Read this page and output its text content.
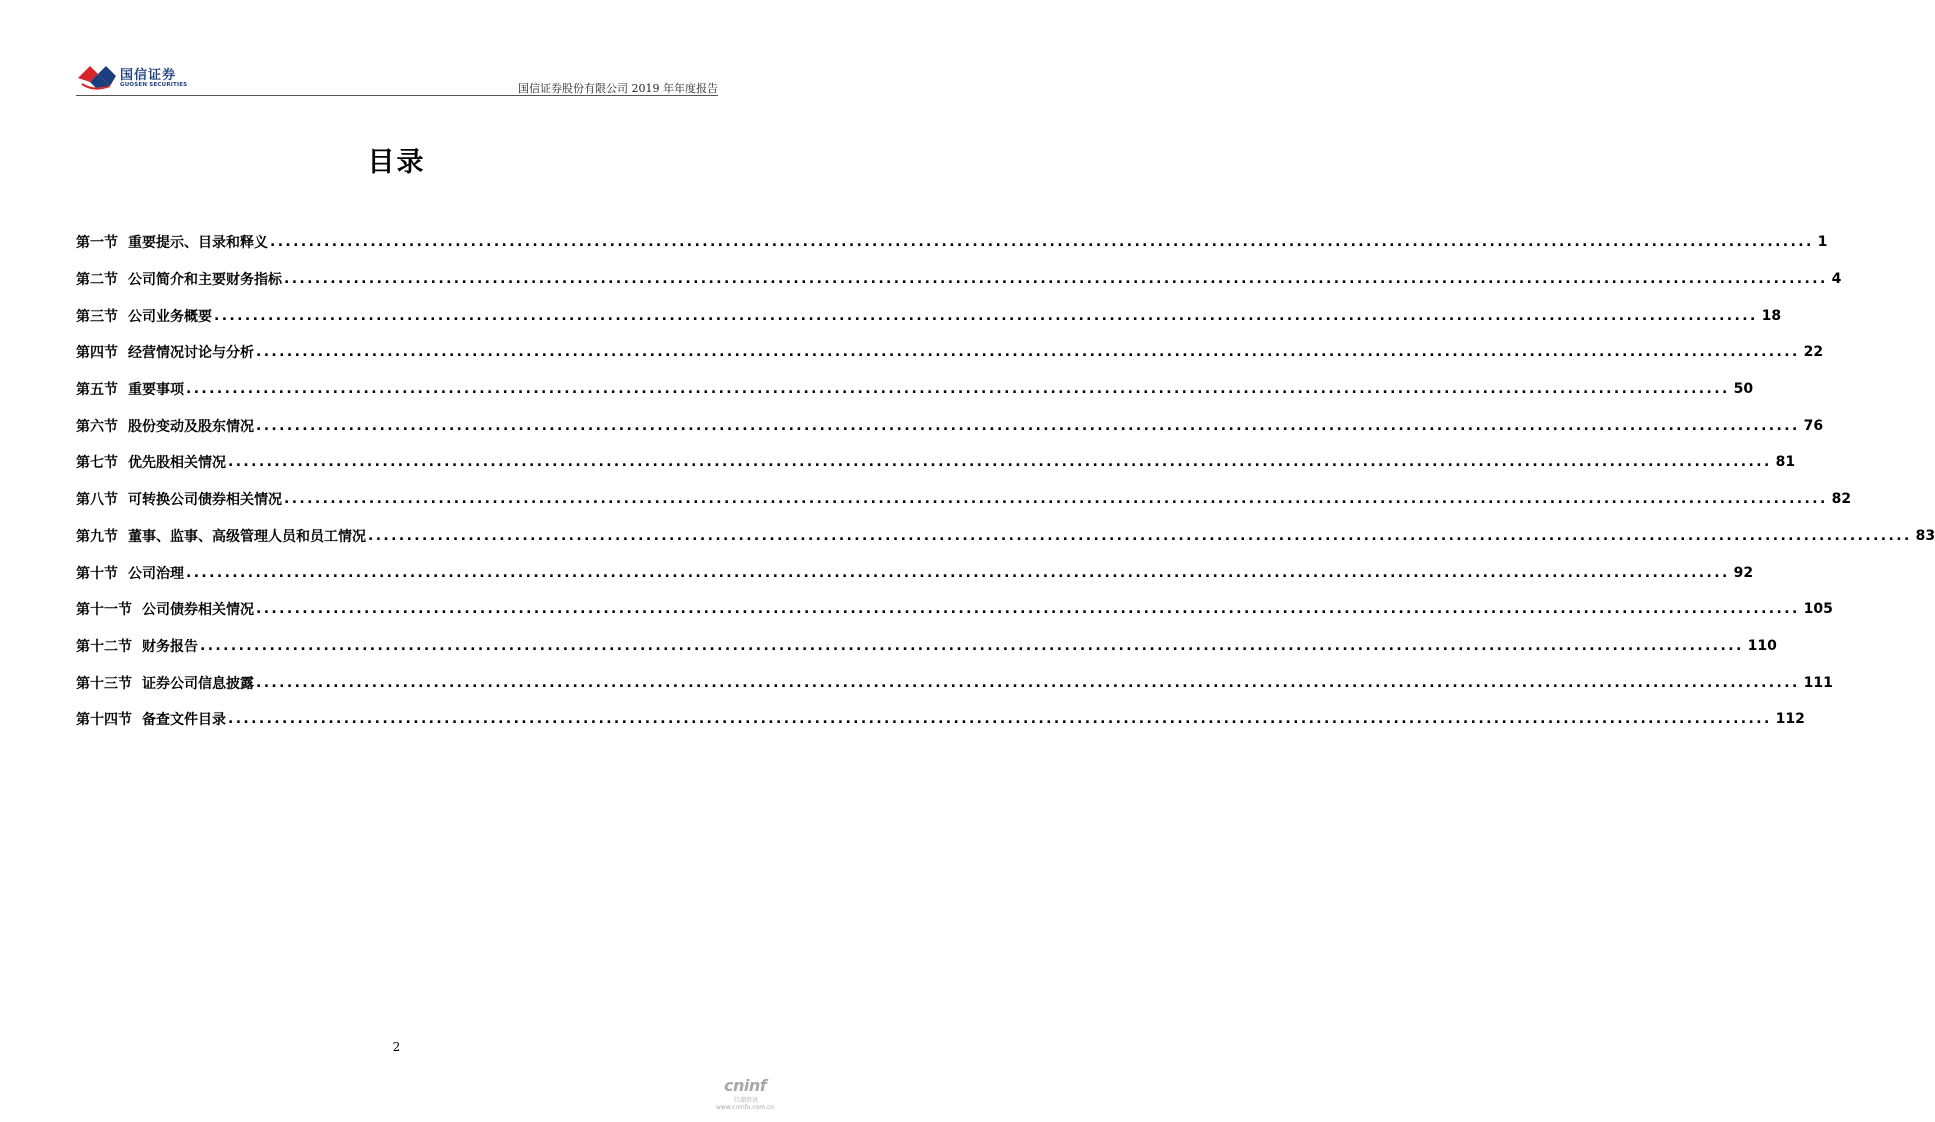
国信证券
GUOSEN SECURITIES	国信证券股份有限公司 2019 年年度报告
目录
第一节 重要提示、目录和释义 ........................................................................................................................................................................................................ 1
第二节 公司简介和主要财务指标 ........................................................................................................................................................................................................ 4
第三节 公司业务概要 ........................................................................................................................................................................................................ 18
第四节 经营情况讨论与分析 ........................................................................................................................................................................................................ 22
第五节 重要事项 ........................................................................................................................................................................................................ 50
第六节 股份变动及股东情况 ........................................................................................................................................................................................................ 76
第七节 优先股相关情况 ........................................................................................................................................................................................................ 81
第八节 可转换公司债券相关情况 ........................................................................................................................................................................................................ 82
第九节 董事、监事、高级管理人员和员工情况 ........................................................................................................................................................................................................ 83
第十节 公司治理 ........................................................................................................................................................................................................ 92
第十一节 公司债券相关情况 ........................................................................................................................................................................................................ 105
第十二节 财务报告 ........................................................................................................................................................................................................ 110
第十三节 证券公司信息披露 ........................................................................................................................................................................................................ 111
第十四节 备查文件目录 ........................................................................................................................................................................................................ 112
2
cninf
巨潮资讯
www.cninfo.com.cn
